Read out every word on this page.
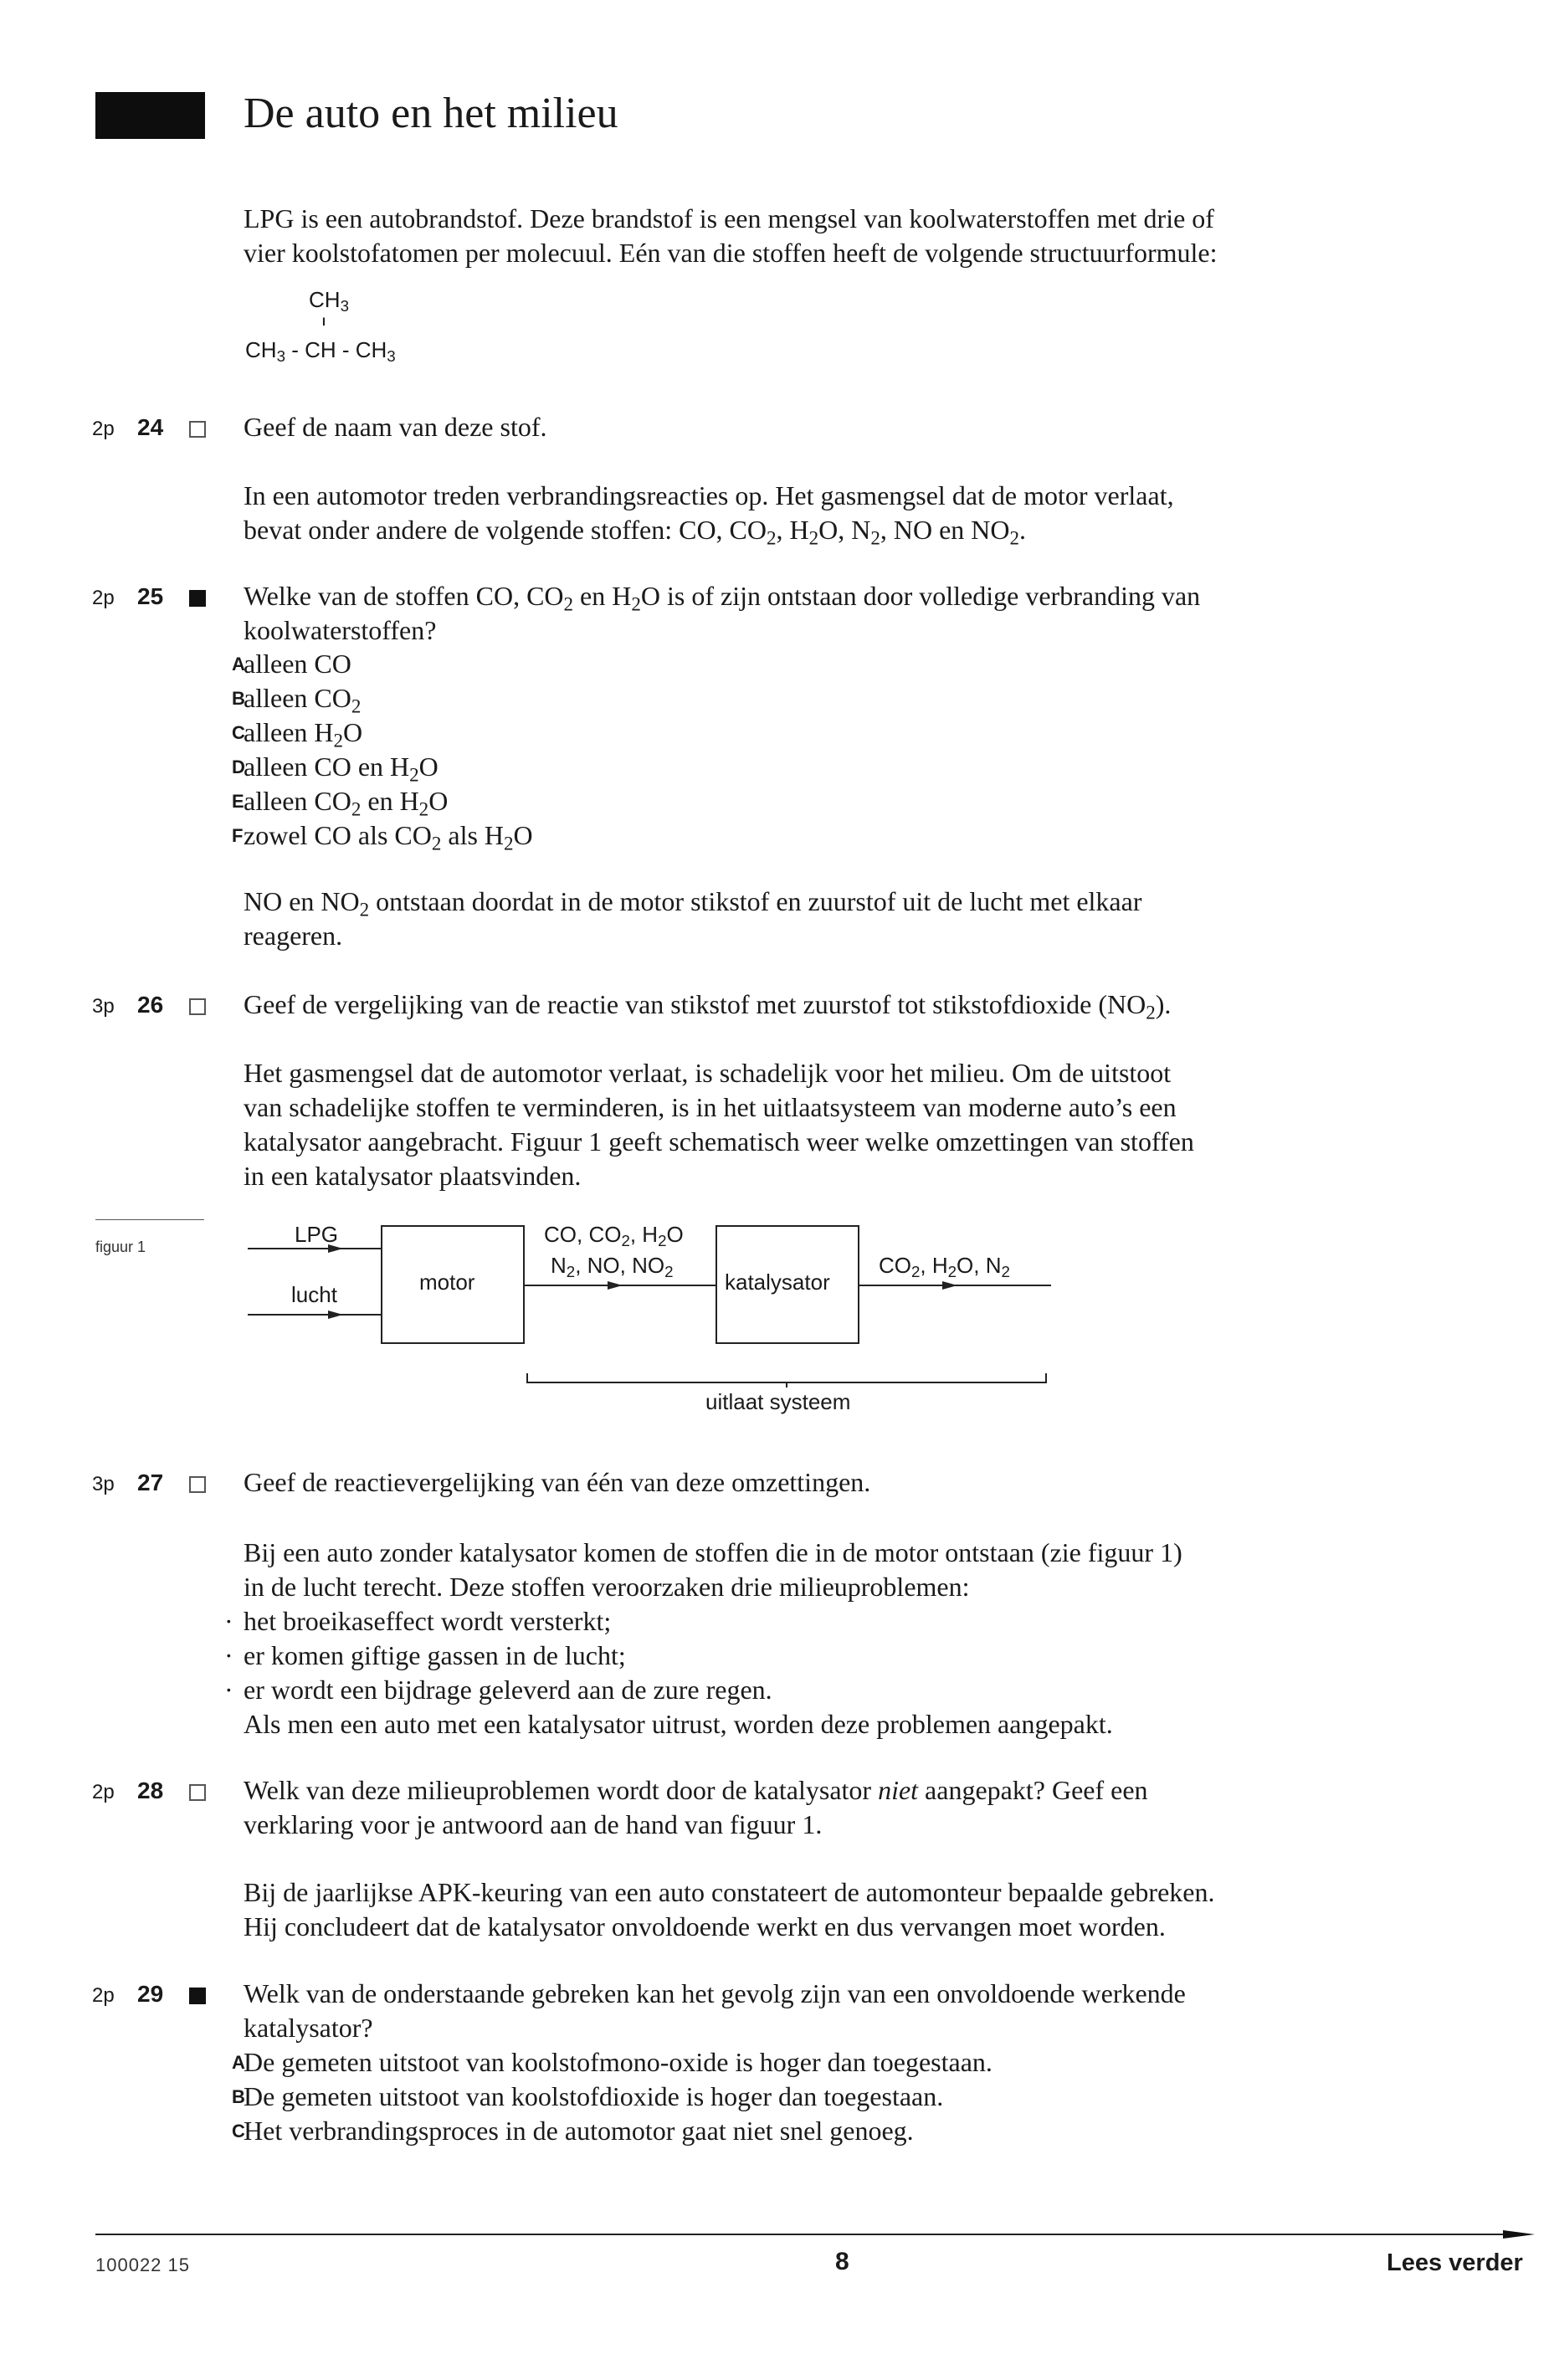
De auto en het milieu
LPG is een autobrandstof. Deze brandstof is een mengsel van koolwaterstoffen met drie of
vier koolstofatomen per molecuul. Eén van die stoffen heeft de volgende structuurformule:
$CH_3$
I
$CH_3$ - CH - $CH_3$
2p 24	Geef de naam van deze stof.
In een automotor treden verbrandingsreacties op. Het gasmengsel dat de motor verlaat,
bevat onder andere de volgende stoffen: CO, $CO_2$, $H_2O$, $N_2$, NO en $NO_2$.
2p 25	Welke van de stoffen CO, $CO_2$ en $H_2O$ is of zijn ontstaan door volledige verbranding van
koolwaterstoffen?
A
alleen CO
B
alleen $CO_2$
C
alleen $H_2O$
D
alleen CO en $H_2O$
E alleen $CO_2$ en $H_2O$
F zowel CO als $CO_2$ als $H_2O$
NO en $NO_2$ ontstaan doordat in de motor stikstof en zuurstof uit de lucht met elkaar
reageren.
3p 26	Geef de vergelijking van de reactie van stikstof met zuurstof tot stikstofdioxide $(NO_2)$.
Het gasmengsel dat de automotor verlaat, is schadelijk voor het milieu. Om de uitstoot
van schadelijke stoffen te verminderen, is in het uitlaatsysteem van moderne auto’s een
katalysator aangebracht. Figuur 1 geeft schematisch weer welke omzettingen van stoffen
in een katalysator plaatsvinden.
figuur 1	LPG
lucht	motor
CO, $CO_2$, $H_2O$
$N_2$, NO, $NO_2$ katalysator
$CO_2$, $H_2O$, $N_2$
uitlaat systeem
3p 27	Geef de reactievergelijking van één van deze omzettingen.
Bij een auto zonder katalysator komen de stoffen die in de motor ontstaan (zie figuur 1)
in de lucht terecht. Deze stoffen veroorzaken drie milieuproblemen:
·
·
·
het broeikaseffect wordt versterkt;
er komen giftige gassen in de lucht;
er wordt een bijdrage geleverd aan de zure regen.
Als men een auto met een katalysator uitrust, worden deze problemen aangepakt.
2p 28	Welk van deze milieuproblemen wordt door de katalysator niet aangepakt? Geef een
verklaring voor je antwoord aan de hand van figuur 1.
Bij de jaarlijkse APK-keuring van een auto constateert de automonteur bepaalde gebreken.
Hij concludeert dat de katalysator onvoldoende werkt en dus vervangen moet worden.
2p 29	Welk van de onderstaande gebreken kan het gevolg zijn van een onvoldoende werkende
katalysator?
A
De gemeten uitstoot van koolstofmono-oxide is hoger dan toegestaan.
B
De gemeten uitstoot van koolstofdioxide is hoger dan toegestaan.
C
Het verbrandingsproces in de automotor gaat niet snel genoeg.
100022 15	8	Lees verder
